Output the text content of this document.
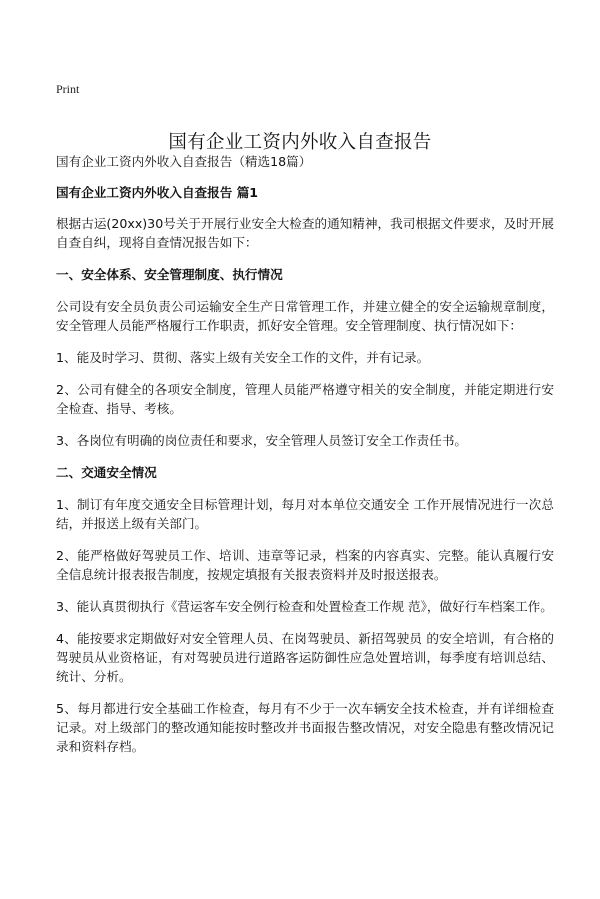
Print
国有企业工资内外收入自查报告

国有企业工资内外收入自查报告（精选18篇）

国有企业工资内外收入自查报告 篇1

根据古运(20xx)30号关于开展行业安全大检查的通知精神，我司根据文件要求，及时开展自查自纠，现将自查情况报告如下：

一、安全体系、安全管理制度、执行情况

公司设有安全员负责公司运输安全生产日常管理工作，并建立健全的安全运输规章制度，安全管理人员能严格履行工作职责，抓好安全管理。安全管理制度、执行情况如下：

1、能及时学习、贯彻、落实上级有关安全工作的文件，并有记录。

2、公司有健全的各项安全制度，管理人员能严格遵守相关的安全制度，并能定期进行安全检查、指导、考核。

3、各岗位有明确的岗位责任和要求，安全管理人员签订安全工作责任书。

二、交通安全情况

1、制订有年度交通安全目标管理计划，每月对本单位交通安全 工作开展情况进行一次总结，并报送上级有关部门。

2、能严格做好驾驶员工作、培训、违章等记录，档案的内容真实、完整。能认真履行安全信息统计报表报告制度，按规定填报有关报表资料并及时报送报表。

3、能认真贯彻执行《营运客车安全例行检查和处置检查工作规 范》，做好行车档案工作。

4、能按要求定期做好对安全管理人员、在岗驾驶员、新招驾驶员 的安全培训，有合格的驾驶员从业资格证，有对驾驶员进行道路客运防御性应急处置培训，每季度有培训总结、统计、分析。

5、每月都进行安全基础工作检查，每月有不少于一次车辆安全技术检查，并有详细检查记录。对上级部门的整改通知能按时整改并书面报告整改情况，对安全隐患有整改情况记录和资料存档。
